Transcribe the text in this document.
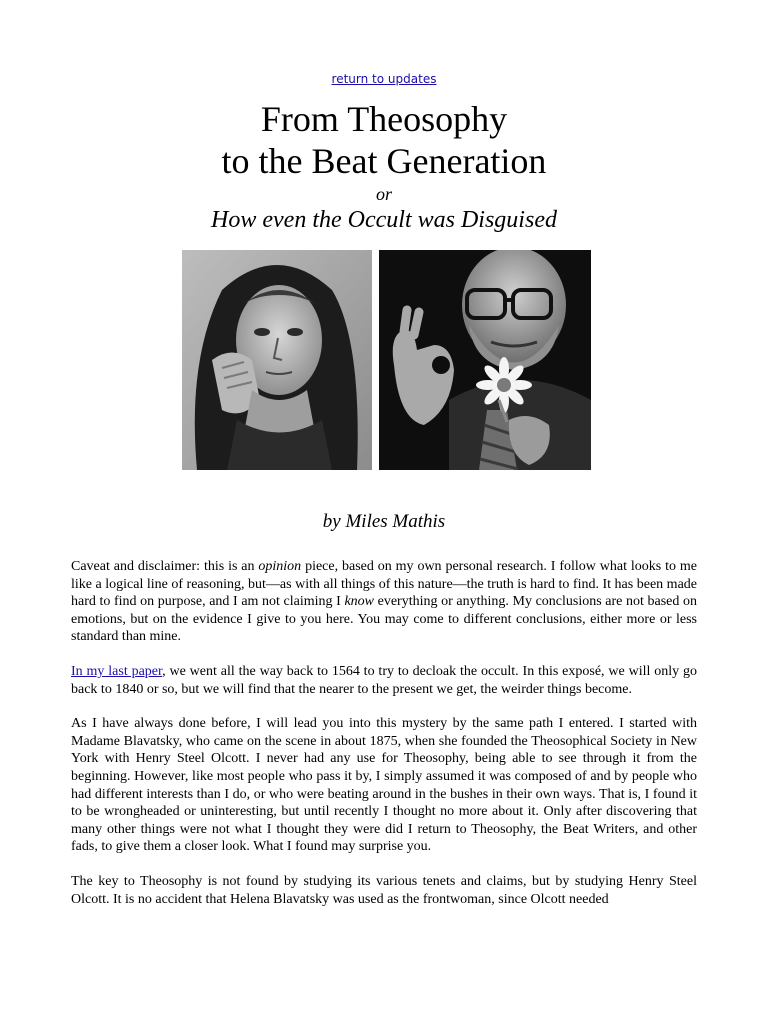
return to updates
From Theosophy
to the Beat Generation
or
How even the Occult was Disguised
by Miles Mathis

Caveat and disclaimer: this is an opinion piece, based on my own personal research. I follow what looks to me like a logical line of reasoning, but—as with all things of this nature—the truth is hard to find. It has been made hard to find on purpose, and I am not claiming I know everything or anything. My conclusions are not based on emotions, but on the evidence I give to you here. You may come to different conclusions, either more or less standard than mine.

In my last paper, we went all the way back to 1564 to try to decloak the occult. In this exposé, we will only go back to 1840 or so, but we will find that the nearer to the present we get, the weirder things become.

As I have always done before, I will lead you into this mystery by the same path I entered. I started with Madame Blavatsky, who came on the scene in about 1875, when she founded the Theosophical Society in New York with Henry Steel Olcott. I never had any use for Theosophy, being able to see through it from the beginning. However, like most people who pass it by, I simply assumed it was composed of and by people who had different interests than I do, or who were beating around in the bushes in their own ways. That is, I found it to be wrongheaded or uninteresting, but until recently I thought no more about it. Only after discovering that many other things were not what I thought they were did I return to Theosophy, the Beat Writers, and other fads, to give them a closer look. What I found may surprise you.

The key to Theosophy is not found by studying its various tenets and claims, but by studying Henry Steel Olcott. It is no accident that Helena Blavatsky was used as the frontwoman, since Olcott needed
